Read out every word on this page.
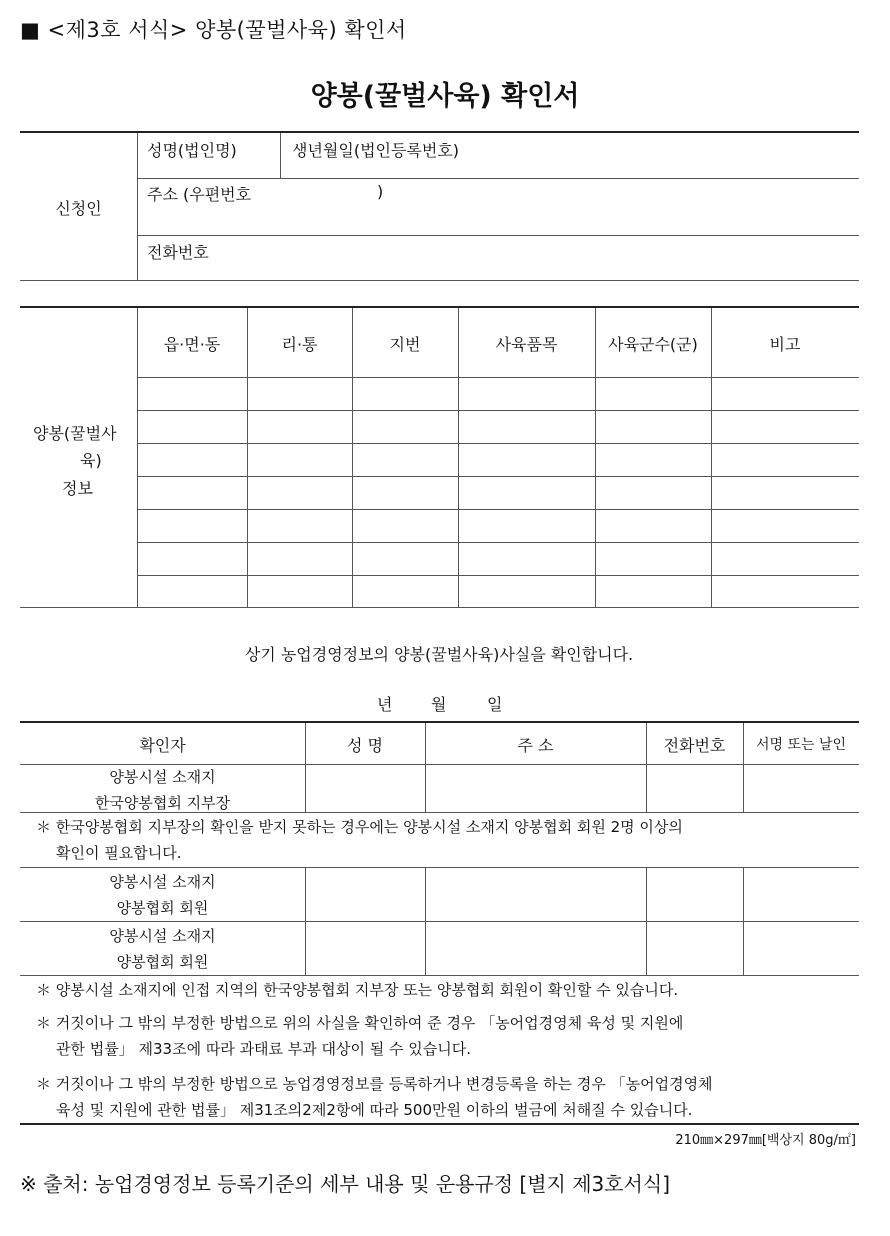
■ <제3호 서식> 양봉(꿀벌사육) 확인서
양봉(꿀벌사육) 확인서
신청인
성명(법인명)	생년월일(법인등록번호)
주소 (우편번호	)
전화번호
읍·면·동	리·통	지번	사육품목	사육군수(군)	비고
양봉(꿀벌사
육)
정보
상기 농업경영정보의 양봉(꿀벌사육)사실을 확인합니다.
년 월	일
확인자	성 명	주 소	전화번호	서명 또는 날인
양봉시설 소재지
한국양봉협회 지부장
＊ 한국양봉협회 지부장의 확인을 받지 못하는 경우에는 양봉시설 소재지 양봉협회 회원 2명 이상의
확인이 필요합니다.
양봉시설 소재지
양봉협회 회원
양봉시설 소재지
양봉협회 회원
＊ 양봉시설 소재지에 인접 지역의 한국양봉협회 지부장 또는 양봉협회 회원이 확인할 수 있습니다.
＊ 거짓이나 그 밖의 부정한 방법으로 위의 사실을 확인하여 준 경우 「농어업경영체 육성 및 지원에
관한 법률」 제33조에 따라 과태료 부과 대상이 될 수 있습니다.
＊ 거짓이나 그 밖의 부정한 방법으로 농업경영정보를 등록하거나 변경등록을 하는 경우 「농어업경영체
육성 및 지원에 관한 법률」 제31조의2제2항에 따라 500만원 이하의 벌금에 처해질 수 있습니다.
210㎜×297㎜[백상지 80g/㎡]
※ 출처: 농업경영정보 등록기준의 세부 내용 및 운용규정 [별지 제3호서식]
